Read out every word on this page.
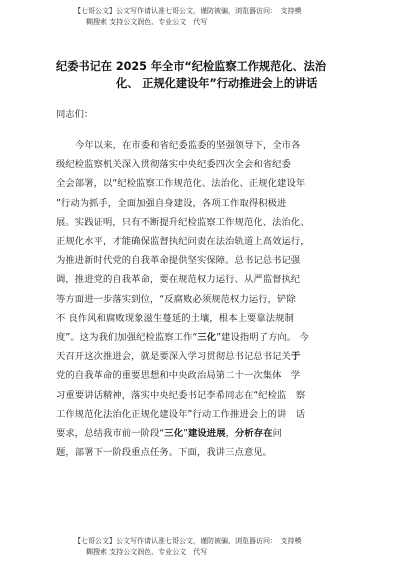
【七哥公文】公文写作请认准七哥公文，谨防被骗，浏览器访问：　支持模
糊搜索 支持公文润色、专业公文　代写
纪委书记在 2025 年全市“纪检监察工作规范化、法治
化、 正规化建设年”行动推进会上的讲话
同志们：
今年以来，在市委和省纪委监委的坚强领导下，全市各
级纪检监察机关深入贯彻落实中央纪委四次全会和省纪委
全会部署，以“纪检监察工作规范化、法治化、正规化建设年
”行动为抓手，全面加强自身建设，各项工作取得积极进
展。实践证明，只有不断提升纪检监察工作规范化、法治化、
正规化水平，才能确保监督执纪问责在法治轨道上高效运行，
为推进新时代党的自我革命提供坚实保障。总书记总书记强
调，推进党的自我革命，要在规范权力运行、从严监督执纪
等方面进一步落实到位，“反腐败必须规范权力运行，铲除
不 良作风和腐败现象滋生蔓延的土壤，根本上要靠法规制
度”。这为我们加强纪检监察工作“三化”建设指明了方向。 今
天召开这次推进会，就是要深入学习贯彻总书记总书记关于
党的自我革命的重要思想和中央政治局第二十一次集体　学
习重要讲话精神，落实中央纪委书记李希同志在“纪检监　察
工作规范化法治化正规化建设年”行动工作推进会上的讲　话
要求，总结我市前一阶段“三化”建设进展，分析存在问
题，部署下一阶段重点任务。下面，我讲三点意见。
【七哥公文】公文写作请认准七哥公文，谨防被骗，浏览器访问：　支持模
糊搜索 支持公文润色、专业公文　代写
